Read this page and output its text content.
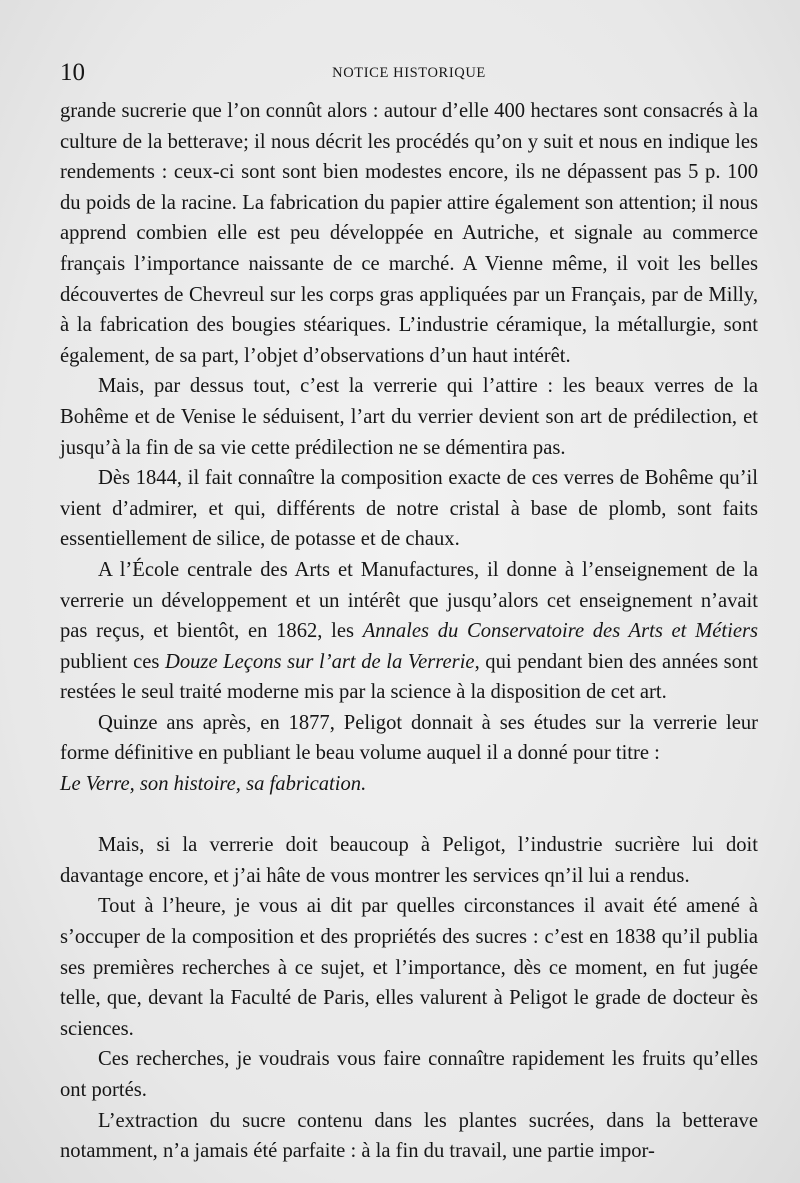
10	NOTICE HISTORIQUE

grande sucrerie que l’on connût alors : autour d’elle 400 hectares sont consacrés à la culture de la betterave; il nous décrit les procédés qu’on y suit et nous en indique les rendements : ceux-ci sont sont bien modestes encore, ils ne dépassent pas 5 p. 100 du poids de la racine. La fabrication du papier attire également son attention; il nous apprend combien elle est peu développée en Autriche, et signale au commerce français l’importance naissante de ce marché. A Vienne même, il voit les belles découvertes de Chevreul sur les corps gras appliquées par un Français, par de Milly, à la fabrication des bougies stéariques. L’industrie céramique, la métallurgie, sont également, de sa part, l’objet d’observations d’un haut intérêt.

Mais, par dessus tout, c’est la verrerie qui l’attire : les beaux verres de la Bohême et de Venise le séduisent, l’art du verrier devient son art de prédilection, et jusqu’à la fin de sa vie cette prédilection ne se démentira pas.

Dès 1844, il fait connaître la composition exacte de ces verres de Bohême qu’il vient d’admirer, et qui, différents de notre cristal à base de plomb, sont faits essentiellement de silice, de potasse et de chaux.

A l’École centrale des Arts et Manufactures, il donne à l’enseignement de la verrerie un développement et un intérêt que jusqu’alors cet enseignement n’avait pas reçus, et bientôt, en 1862, les Annales du Conservatoire des Arts et Métiers publient ces Douze Leçons sur l’art de la Verrerie, qui pendant bien des années sont restées le seul traité moderne mis par la science à la disposition de cet art.

Quinze ans après, en 1877, Peligot donnait à ses études sur la verrerie leur forme définitive en publiant le beau volume auquel il a donné pour titre :
Le Verre, son histoire, sa fabrication.

Mais, si la verrerie doit beaucoup à Peligot, l’industrie sucrière lui doit davantage encore, et j’ai hâte de vous montrer les services qn’il lui a rendus.

Tout à l’heure, je vous ai dit par quelles circonstances il avait été amené à s’occuper de la composition et des propriétés des sucres : c’est en 1838 qu’il publia ses premières recherches à ce sujet, et l’importance, dès ce moment, en fut jugée telle, que, devant la Faculté de Paris, elles valurent à Peligot le grade de docteur ès sciences.

Ces recherches, je voudrais vous faire connaître rapidement les fruits qu’elles ont portés.

L’extraction du sucre contenu dans les plantes sucrées, dans la betterave notamment, n’a jamais été parfaite : à la fin du travail, une partie impor-
